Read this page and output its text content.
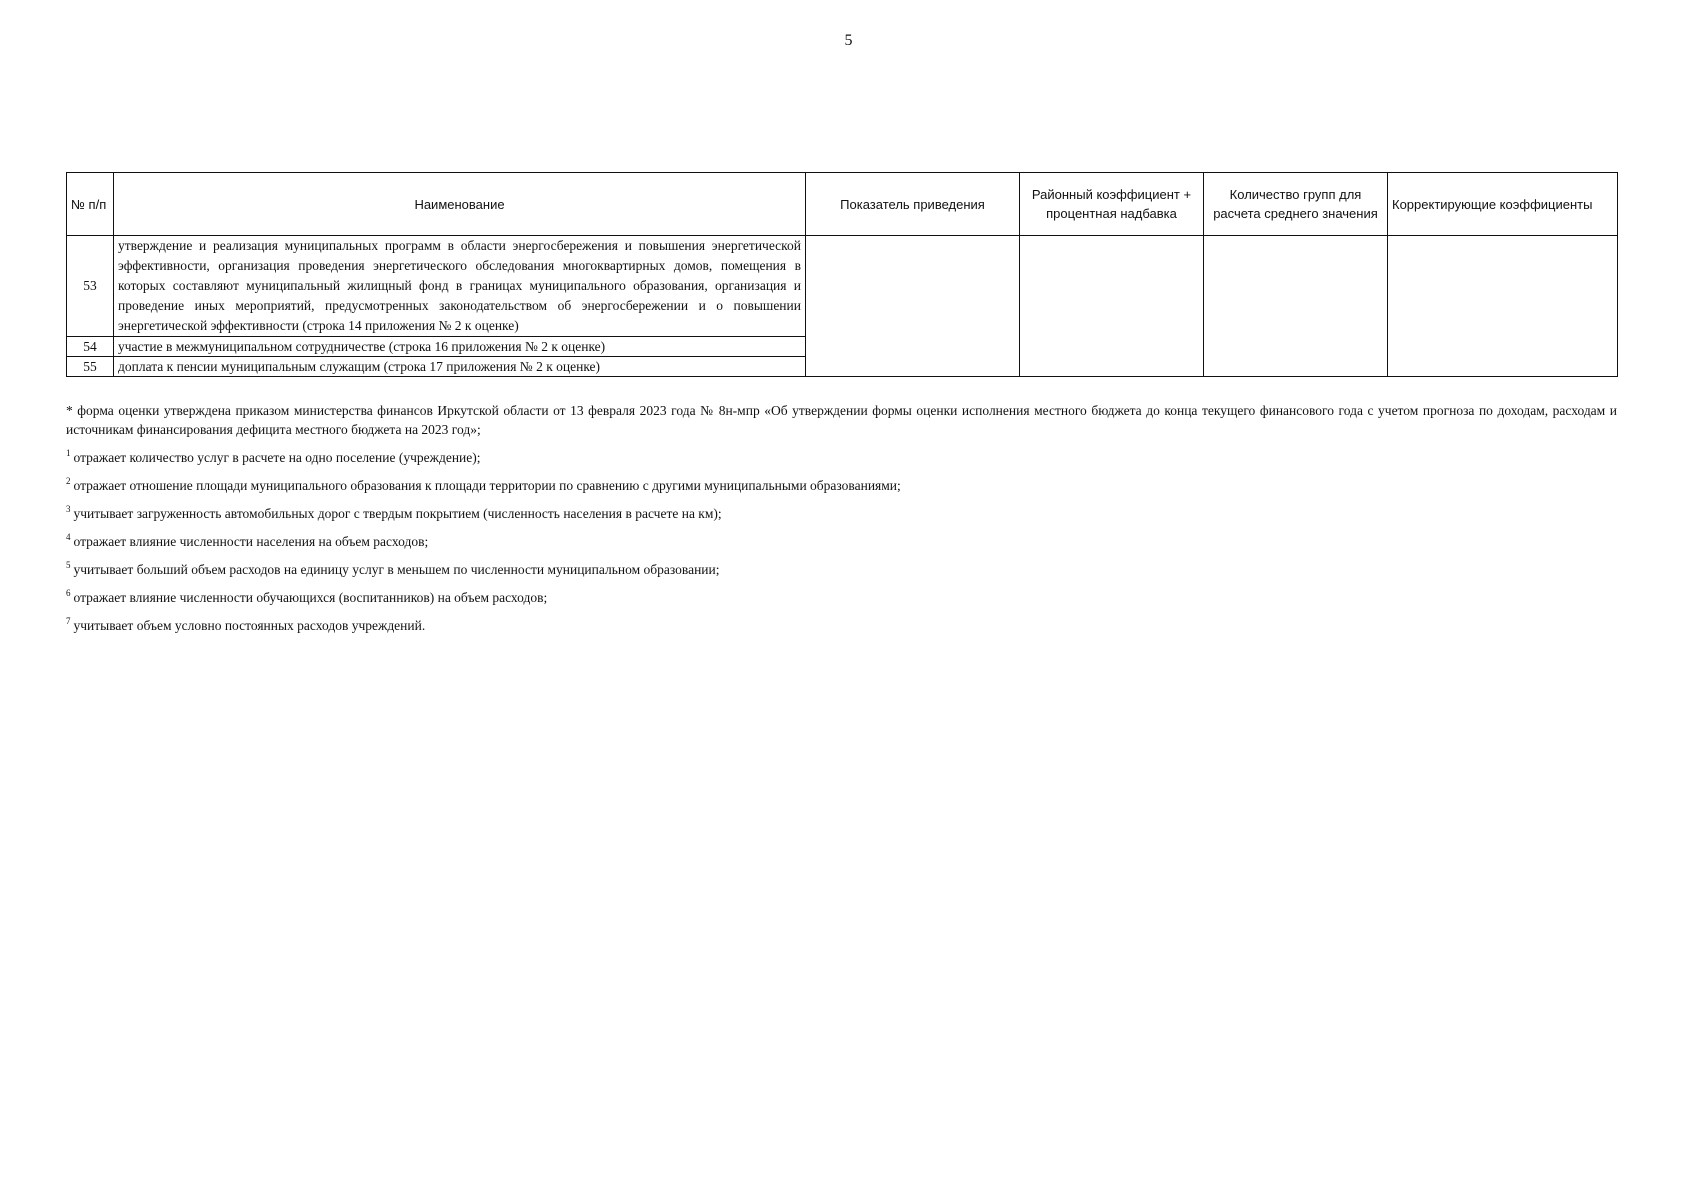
5
№ п/п	Наименование	Показатель приведения	Районный коэффициент + процентная надбавка	Количество групп для расчета среднего значения	Корректирующие коэффициенты
53	утверждение и реализация муниципальных программ в области энергосбережения и повышения энергетической эффективности, организация проведения энергетического обследования многоквартирных домов, помещения в которых составляют муниципальный жилищный фонд в границах муниципального образования, организация и проведение иных мероприятий, предусмотренных законодательством об энергосбережении и о повышении энергетической эффективности (строка 14 приложения № 2 к оценке)				
54	участие в межмуниципальном сотрудничестве (строка 16 приложения № 2 к оценке)				
55	доплата к пенсии муниципальным служащим (строка 17 приложения № 2 к оценке)				

* форма оценки утверждена приказом министерства финансов Иркутской области от 13 февраля 2023 года № 8н-мпр «Об утверждении формы оценки исполнения местного бюджета до конца текущего финансового года с учетом прогноза по доходам, расходам и источникам финансирования дефицита местного бюджета на 2023 год»;

$^1$ отражает количество услуг в расчете на одно поселение (учреждение);

$^2$ отражает отношение площади муниципального образования к площади территории по сравнению с другими муниципальными образованиями;

$^3$ учитывает загруженность автомобильных дорог с твердым покрытием (численность населения в расчете на км);

$^4$ отражает влияние численности населения на объем расходов;

$^5$ учитывает больший объем расходов на единицу услуг в меньшем по численности муниципальном образовании;

$^6$ отражает влияние численности обучающихся (воспитанников) на объем расходов;

$^7$ учитывает объем условно постоянных расходов учреждений.
